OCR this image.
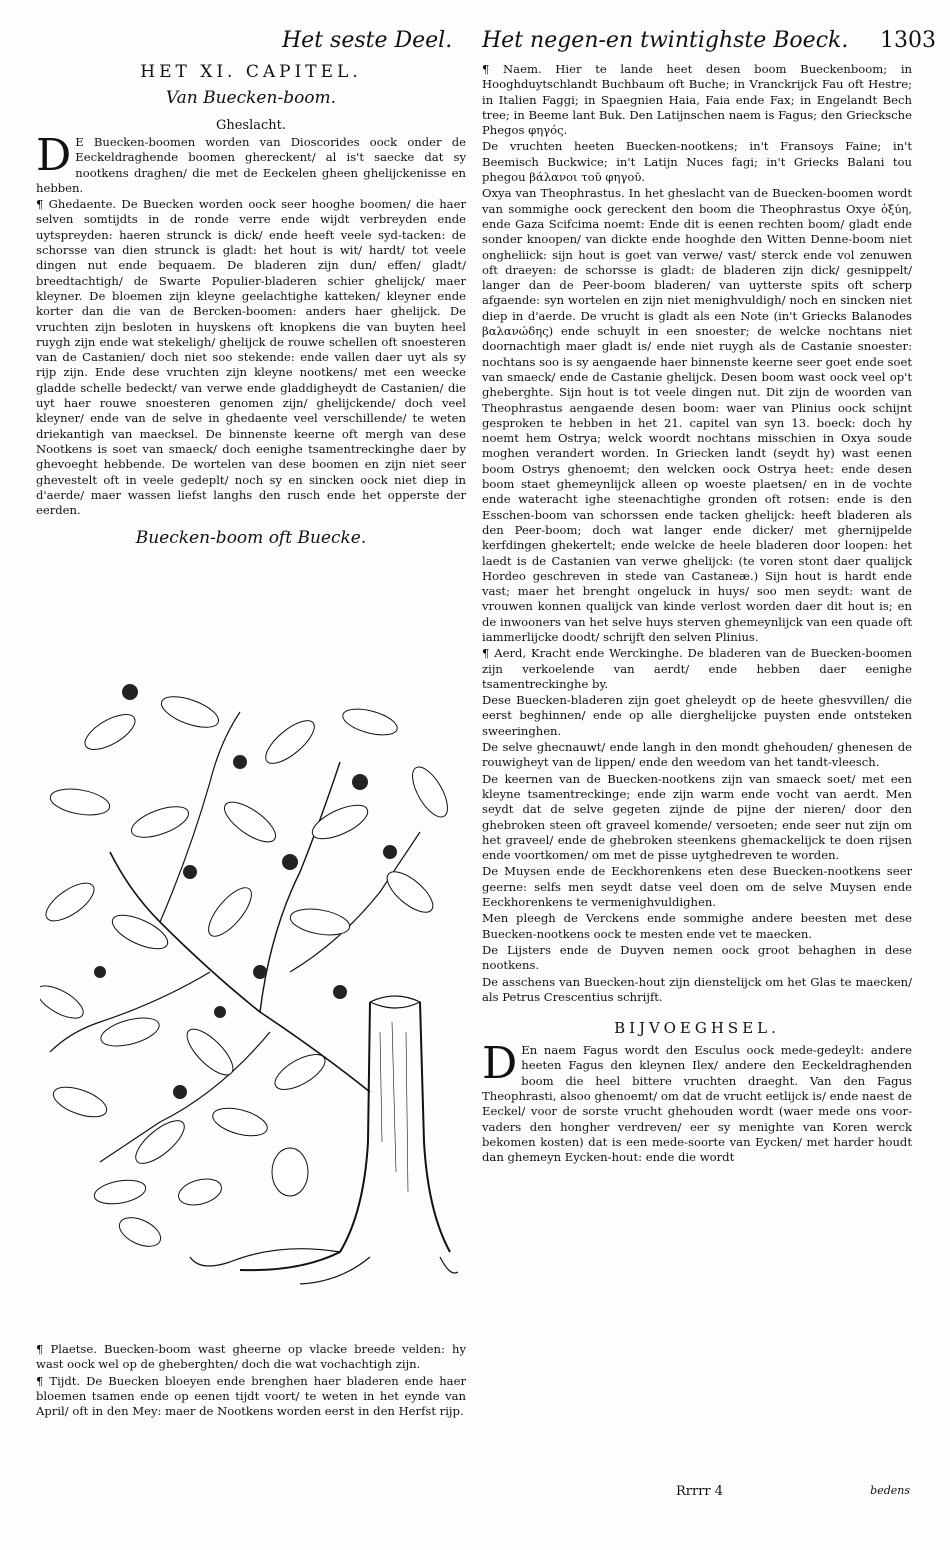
Het seste Deel. Het negen-en twintighste Boeck. 1303
HET XI. CAPITEL.
Van Buecken-boom.
Gheslacht.

D E Buecken-boomen worden van Dioscorides oock onder de Eeckeldraghende boomen ghereckent/ al is't saecke dat sy nootkens draghen/ die met de Eeckelen gheen ghelijckenisse en hebben.

¶ Ghedaente. De Buecken worden oock seer hooghe boomen/ die haer selven somtijdts in de ronde verre ende wijdt verbreyden ende uytspreyden: haeren strunck is dick/ ende heeft veele syd-tacken: de schorsse van dien strunck is gladt: het hout is wit/ hardt/ tot veele dingen nut ende bequaem. De bladeren zijn dun/ effen/ gladt/ breedtachtigh/ de Swarte Populier-bladeren schier ghelijck/ maer kleyner. De bloemen zijn kleyne geelachtighe katteken/ kleyner ende korter dan die van de Bercken-boomen: anders haer ghelijck. De vruchten zijn besloten in huyskens oft knopkens die van buyten heel ruygh zijn ende wat stekeligh/ ghelijck de rouwe schellen oft snoesteren van de Castanien/ doch niet soo stekende: ende vallen daer uyt als sy rijp zijn. Ende dese vruchten zijn kleyne nootkens/ met een weecke gladde schelle bedeckt/ van verwe ende gladdigheydt de Castanien/ die uyt haer rouwe snoesteren genomen zijn/ ghelijckende/ doch veel kleyner/ ende van de selve in ghedaente veel verschillende/ te weten driekantigh van maecksel. De binnenste keerne oft mergh van dese Nootkens is soet van smaeck/ doch eenighe tsamentreckinghe daer by ghevoeght hebbende. De wortelen van dese boomen en zijn niet seer ghevestelt oft in veele gedeplt/ noch sy en sincken oock niet diep in d'aerde/ maer wassen liefst langhs den rusch ende het opperste der eerden.

Buecken-boom oft Buecke.

¶ Plaetse. Buecken-boom wast gheerne op vlacke breede velden: hy wast oock wel op de gheberghten/ doch die wat vochachtigh zijn.

¶ Tijdt. De Buecken bloeyen ende brenghen haer bladeren ende haer bloemen tsamen ende op eenen tijdt voort/ te weten in het eynde van April/ oft in den Mey: maer de Nootkens worden eerst in den Herfst rijp.

¶ Naem. Hier te lande heet desen boom Bueckenboom; in Hooghduytschlandt Buchbaum oft Buche; in Vranckrijck Fau oft Hestre; in Italien Faggi; in Spaegnien Haia, Faia ende Fax; in Engelandt Bech tree; in Beeme lant Buk. Den Latijnschen naem is Fagus; den Griecksche Phegos φηγός.

De vruchten heeten Buecken-nootkens; in't Fransoys Faine; in't Beemisch Buckwice; in't Latijn Nuces fagi; in't Griecks Balani tou phegou βάλανοι τοῦ φηγοῦ.

Oxya van Theophrastus. In het gheslacht van de Buecken-boomen wordt van sommighe oock gereckent den boom die Theophrastus Oxye ὀξύη, ende Gaza Scifcima noemt: Ende dit is eenen rechten boom/ gladt ende sonder knoopen/ van dickte ende hooghde den Witten Denne-boom niet ongheliick: sijn hout is goet van verwe/ vast/ sterck ende vol zenuwen oft draeyen: de schorsse is gladt: de bladeren zijn dick/ gesnippelt/ langer dan de Peer-boom bladeren/ van uytterste spits oft scherp afgaende: syn wortelen en zijn niet menighvuldigh/ noch en sincken niet diep in d'aerde. De vrucht is gladt als een Note (in't Griecks Balanodes βαλανώδης) ende schuylt in een snoester; de welcke nochtans niet doornachtigh maer gladt is/ ende niet ruygh als de Castanie snoester: nochtans soo is sy aengaende haer binnenste keerne seer goet ende soet van smaeck/ ende de Castanie ghelijck. Desen boom wast oock veel op't gheberghte. Sijn hout is tot veele dingen nut. Dit zijn de woorden van Theophrastus aengaende desen boom: waer van Plinius oock schijnt gesproken te hebben in het 21. capitel van syn 13. boeck: doch hy noemt hem Ostrya; welck woordt nochtans misschien in Oxya soude moghen verandert worden. In Griecken landt (seydt hy) wast eenen boom Ostrys ghenoemt; den welcken oock Ostrya heet: ende desen boom staet ghemeynlijck alleen op woeste plaetsen/ en in de vochte ende wateracht ighe steenachtighe gronden oft rotsen: ende is den Esschen-boom van schorssen ende tacken ghelijck: heeft bladeren als den Peer-boom; doch wat langer ende dicker/ met ghernijpelde kerfdingen ghekertelt; ende welcke de heele bladeren door loopen: het laedt is de Castanien van verwe ghelijck: (te voren stont daer qualijck Hordeo geschreven in stede van Castaneæ.) Sijn hout is hardt ende vast; maer het brenght ongeluck in huys/ soo men seydt: want de vrouwen konnen qualijck van kinde verlost worden daer dit hout is; en de inwooners van het selve huys sterven ghemeynlijck van een quade oft iammerlijcke doodt/ schrijft den selven Plinius.

¶ Aerd, Kracht ende Werckinghe. De bladeren van de Buecken-boomen zijn verkoelende van aerdt/ ende hebben daer eenighe tsamentreckinghe by.

Dese Buecken-bladeren zijn goet gheleydt op de heete ghesvvillen/ die eerst beghinnen/ ende op alle dierghelijcke puysten ende ontsteken sweeringhen.

De selve ghecnauwt/ ende langh in den mondt ghehouden/ ghenesen de rouwigheyt van de lippen/ ende den weedom van het tandt-vleesch.

De keernen van de Buecken-nootkens zijn van smaeck soet/ met een kleyne tsamentreckinge; ende zijn warm ende vocht van aerdt. Men seydt dat de selve gegeten zijnde de pijne der nieren/ door den ghebroken steen oft graveel komende/ versoeten; ende seer nut zijn om het graveel/ ende de ghebroken steenkens ghemackelijck te doen rijsen ende voortkomen/ om met de pisse uytghedreven te worden.

De Muysen ende de Eeckhorenkens eten dese Buecken-nootkens seer geerne: selfs men seydt datse veel doen om de selve Muysen ende Eeckhorenkens te vermenighvuldighen.

Men pleegh de Verckens ende sommighe andere beesten met dese Buecken-nootkens oock te mesten ende vet te maecken.

De Lijsters ende de Duyven nemen oock groot behaghen in dese nootkens.

De asschens van Buecken-hout zijn dienstelijck om het Glas te maecken/ als Petrus Crescentius schrijft.

BIJVOEGHSEL.

D En naem Fagus wordt den Esculus oock mede-gedeylt: andere heeten Fagus den kleynen Ilex/ andere den Eeckeldraghenden boom die heel bittere vruchten draeght. Van den Fagus Theophrasti, alsoo ghenoemt/ om dat de vrucht eetlijck is/ ende naest de Eeckel/ voor de sorste vrucht ghehouden wordt (waer mede ons voor-vaders den hongher verdreven/ eer sy menighte van Koren werck bekomen kosten) dat is een mede-soorte van Eycken/ met harder houdt dan ghemeyn Eycken-hout: ende die wordt

Rrrrr 4	bedens
